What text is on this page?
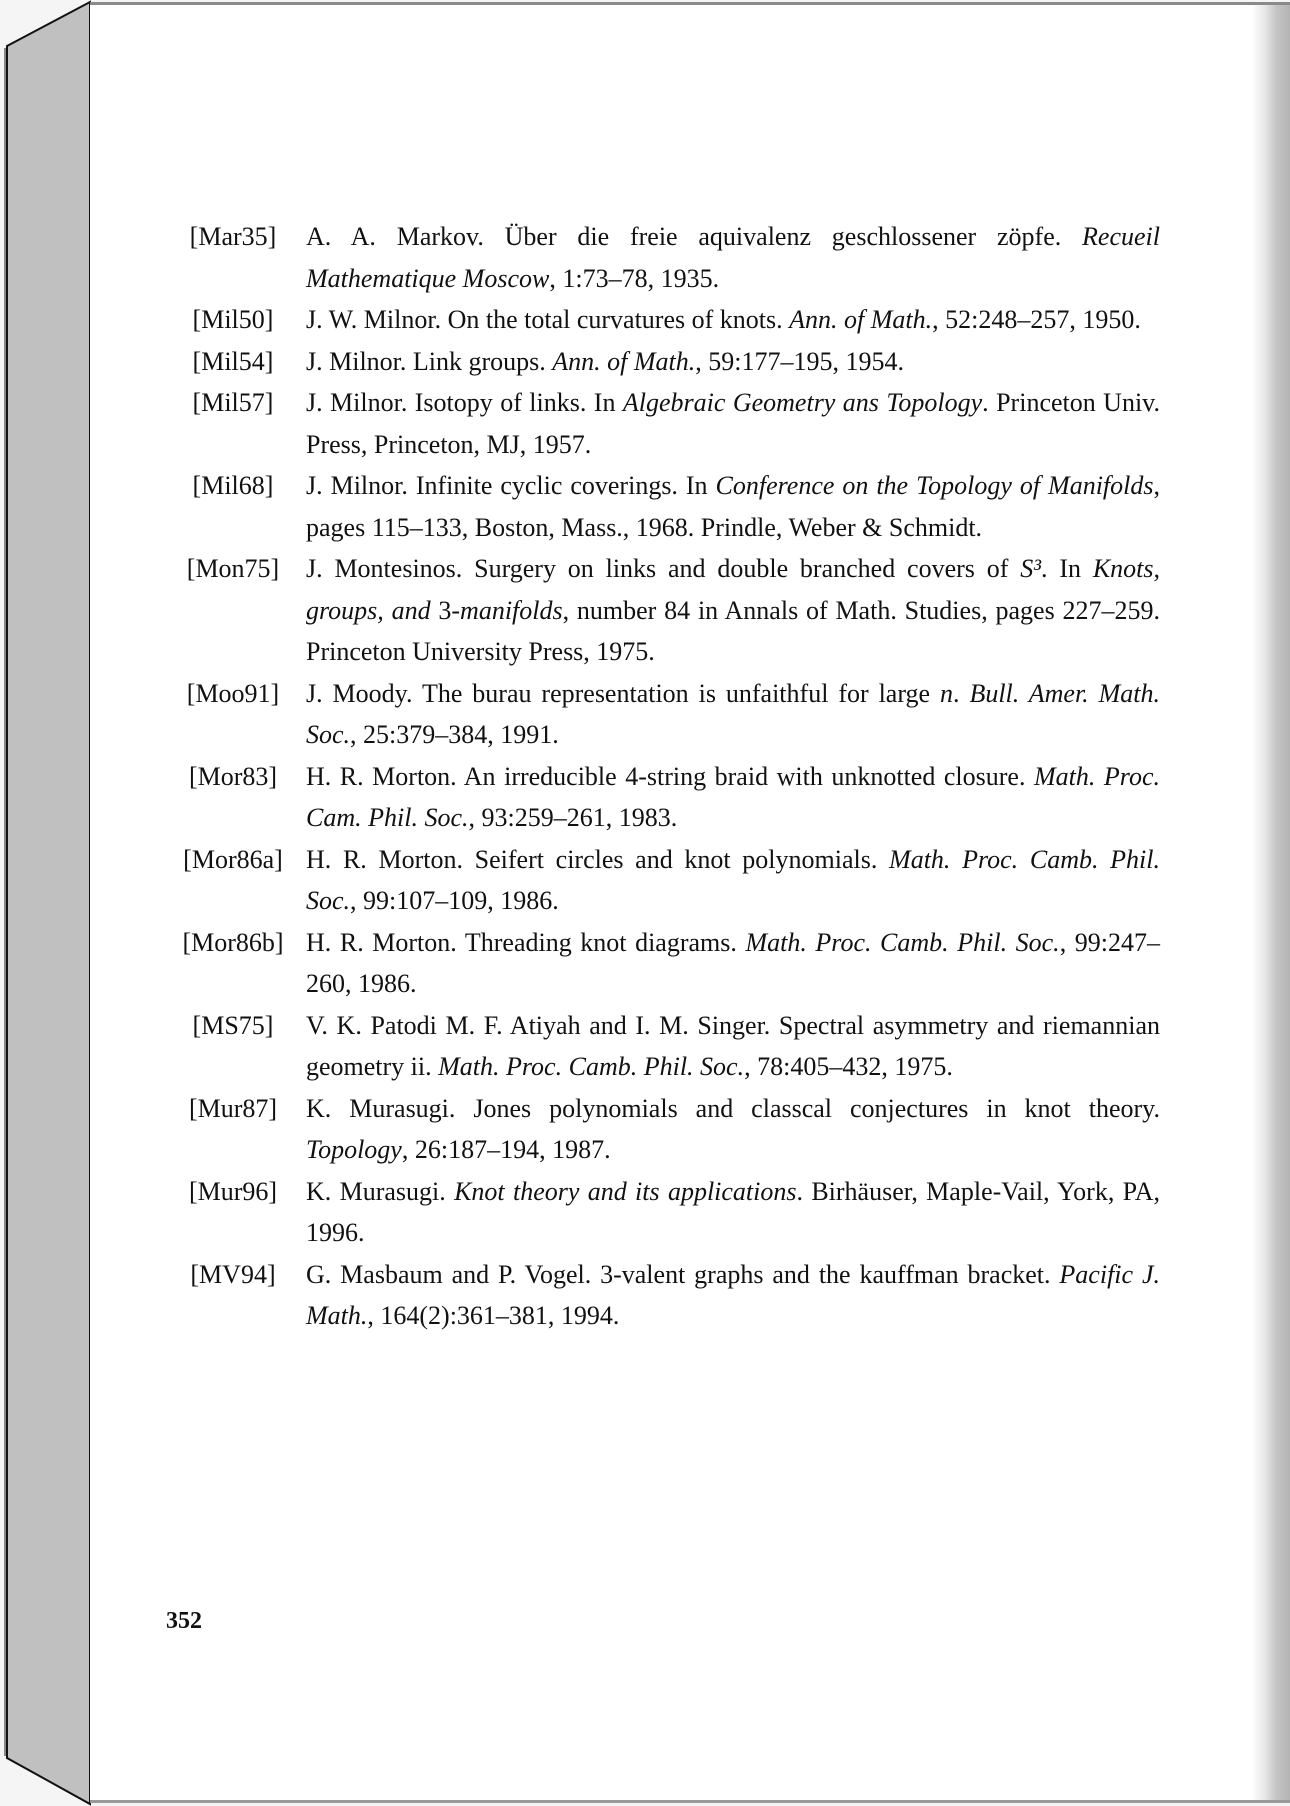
[Mar35]	A. A. Markov. Über die freie aquivalenz geschlossener zöpfe. Recueil Mathematique Moscow, 1:73–78, 1935.
[Mil50]	J. W. Milnor. On the total curvatures of knots. Ann. of Math., 52:248–257, 1950.
[Mil54]	J. Milnor. Link groups. Ann. of Math., 59:177–195, 1954.
[Mil57]	J. Milnor. Isotopy of links. In Algebraic Geometry ans Topology. Princeton Univ. Press, Princeton, MJ, 1957.
[Mil68]	J. Milnor. Infinite cyclic coverings. In Conference on the Topology of Manifolds, pages 115–133, Boston, Mass., 1968. Prindle, Weber & Schmidt.
[Mon75]	J. Montesinos. Surgery on links and double branched covers of S³. In Knots, groups, and 3-manifolds, number 84 in Annals of Math. Studies, pages 227–259. Princeton University Press, 1975.
[Moo91]	J. Moody. The burau representation is unfaithful for large n. Bull. Amer. Math. Soc., 25:379–384, 1991.
[Mor83]	H. R. Morton. An irreducible 4-string braid with unknotted closure. Math. Proc. Cam. Phil. Soc., 93:259–261, 1983.
[Mor86a] H. R. Morton. Seifert circles and knot polynomials. Math. Proc. Camb. Phil. Soc., 99:107–109, 1986.
[Mor86b] H. R. Morton. Threading knot diagrams. Math. Proc. Camb. Phil. Soc., 99:247–260, 1986.
[MS75]	V. K. Patodi M. F. Atiyah and I. M. Singer. Spectral asymmetry and riemannian geometry ii. Math. Proc. Camb. Phil. Soc., 78:405–432, 1975.
[Mur87]	K. Murasugi. Jones polynomials and classcal conjectures in knot theory. Topology, 26:187–194, 1987.
[Mur96]	K. Murasugi. Knot theory and its applications. Birhäuser, Maple-Vail, York, PA, 1996.
[MV94]	G. Masbaum and P. Vogel. 3-valent graphs and the kauffman bracket. Pacific J. Math., 164(2):361–381, 1994.
352
